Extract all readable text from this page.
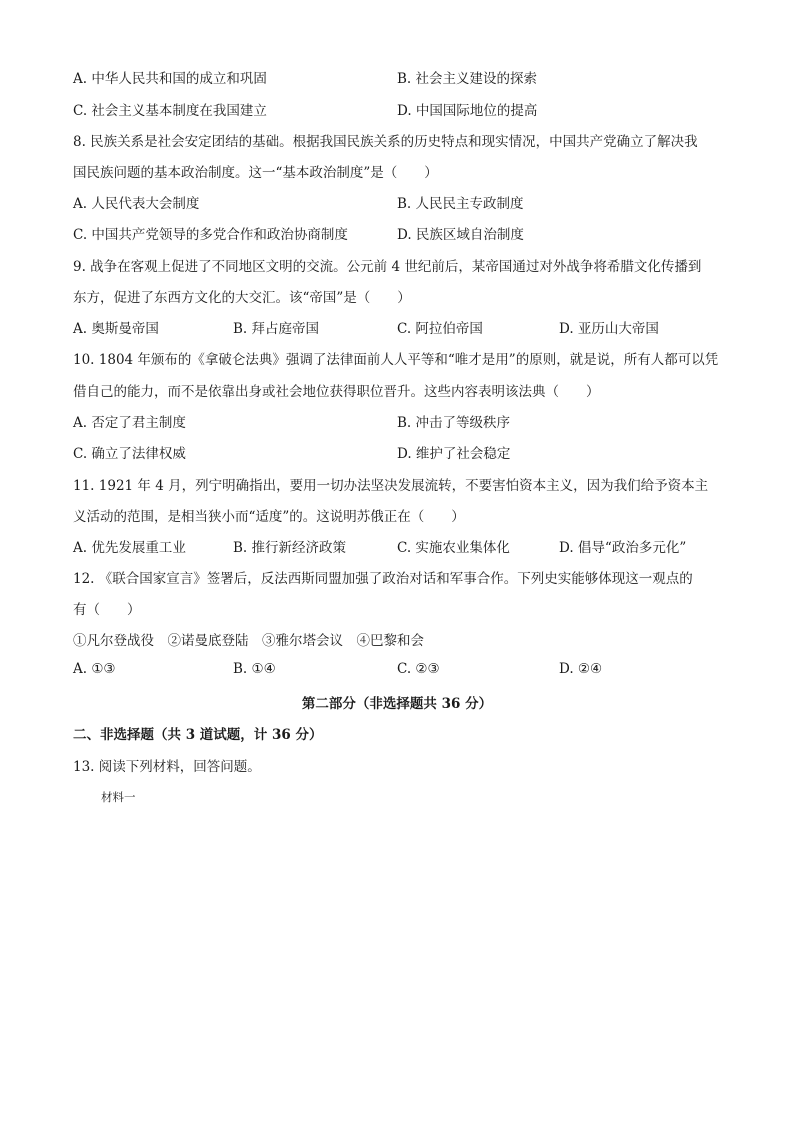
A. 中华人民共和国的成立和巩固	B. 社会主义建设的探索
C. 社会主义基本制度在我国建立	D. 中国国际地位的提高
8. 民族关系是社会安定团结的基础。根据我国民族关系的历史特点和现实情况，中国共产党确立了解决我
国民族问题的基本政治制度。这一“基本政治制度”是（　　）
A. 人民代表大会制度	B. 人民民主专政制度
C. 中国共产党领导的多党合作和政治协商制度	D. 民族区域自治制度
9. 战争在客观上促进了不同地区文明的交流。公元前 4 世纪前后，某帝国通过对外战争将希腊文化传播到
东方，促进了东西方文化的大交汇。该“帝国”是（　　）
A. 奥斯曼帝国	B. 拜占庭帝国	C. 阿拉伯帝国	D. 亚历山大帝国
10. 1804 年颁布的《拿破仑法典》强调了法律面前人人平等和“唯才是用”的原则，就是说，所有人都可以凭
借自己的能力，而不是依靠出身或社会地位获得职位晋升。这些内容表明该法典（　　）
A. 否定了君主制度	B. 冲击了等级秩序
C. 确立了法律权威	D. 维护了社会稳定
11. 1921 年 4 月，列宁明确指出，要用一切办法坚决发展流转，不要害怕资本主义，因为我们给予资本主
义活动的范围，是相当狭小而“适度”的。这说明苏俄正在（　　）
A. 优先发展重工业	B. 推行新经济政策	C. 实施农业集体化	D. 倡导“政治多元化”
12. 《联合国家宣言》签署后，反法西斯同盟加强了政治对话和军事合作。下列史实能够体现这一观点的
有（　　）
①凡尔登战役　②诺曼底登陆　③雅尔塔会议　④巴黎和会
A. ①③	B. ①④	C. ②③	D. ②④
第二部分（非选择题共 36 分）
二、非选择题（共 3 道试题，计 36 分）
13. 阅读下列材料，回答问题。
材料一
